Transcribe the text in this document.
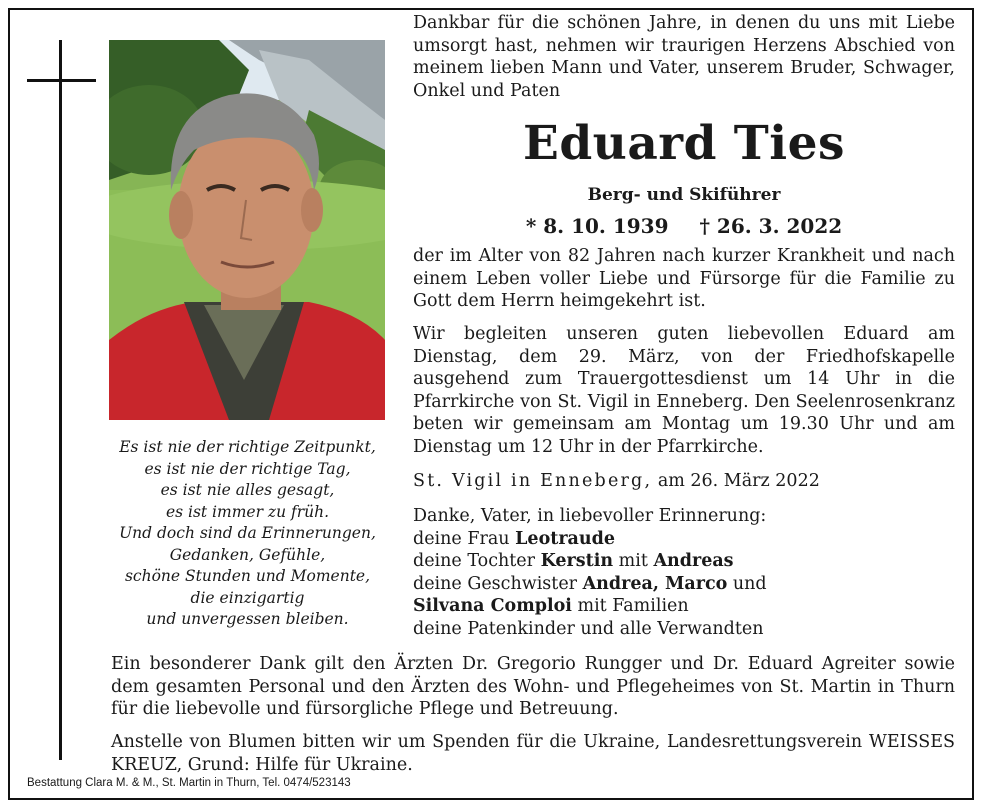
Es ist nie der richtige Zeitpunkt,
es ist nie der richtige Tag,
es ist nie alles gesagt,
es ist immer zu früh.
Und doch sind da Erinnerungen,
Gedanken, Gefühle,
schöne Stunden und Momente,
die einzigartig
und unvergessen bleiben.
Dankbar für die schönen Jahre, in denen du uns mit Liebe umsorgt hast, nehmen wir traurigen Herzens Abschied von meinem lieben Mann und Vater, unserem Bruder, Schwager, Onkel und Paten
Eduard Ties
Berg- und Skiführer
* 8. 10. 1939 † 26. 3. 2022
der im Alter von 82 Jahren nach kurzer Krankheit und nach einem Leben voller Liebe und Fürsorge für die Familie zu Gott dem Herrn heimgekehrt ist.
Wir begleiten unseren guten liebevollen Eduard am Dienstag, dem 29. März, von der Friedhofskapelle ausgehend zum Trauergottesdienst um 14 Uhr in die Pfarrkirche von St. Vigil in Enneberg. Den Seelenrosenkranz beten wir gemeinsam am Montag um 19.30 Uhr und am Dienstag um 12 Uhr in der Pfarrkirche.
St. Vigil in Enneberg, am 26. März 2022
Danke, Vater, in liebevoller Erinnerung:
deine Frau Leotraude
deine Tochter Kerstin mit Andreas
deine Geschwister Andrea, Marco und
Silvana Comploi mit Familien
deine Patenkinder und alle Verwandten
Ein besonderer Dank gilt den Ärzten Dr. Gregorio Rungger und Dr. Eduard Agreiter sowie dem gesamten Personal und den Ärzten des Wohn- und Pflegeheimes von St. Martin in Thurn für die liebevolle und fürsorgliche Pflege und Betreuung.
Anstelle von Blumen bitten wir um Spenden für die Ukraine, Landesrettungsverein WEISSES KREUZ, Grund: Hilfe für Ukraine.
Bestattung Clara M. & M., St. Martin in Thurn, Tel. 0474/523143
